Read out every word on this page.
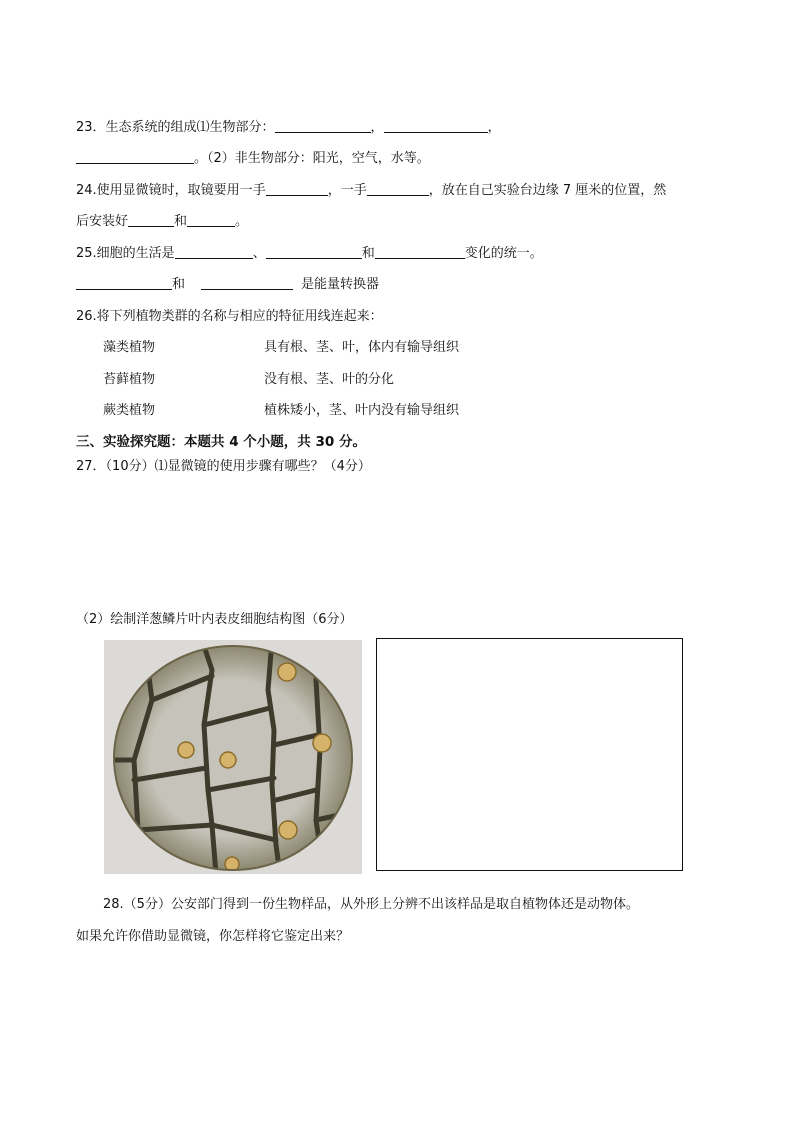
23．生态系统的组成⑴生物部分：	，	，
。（2）非生物部分：阳光，空气，水等。
24.使用显微镜时，取镜要用一手	，一手	，放在自己实验台边缘 7 厘米的位置，然
后安装好	和	。
25.细胞的生活是	、	和	变化的统一。
和	是能量转换器
26.将下列植物类群的名称与相应的特征用线连起来：
藻类植物	具有根、茎、叶，体内有输导组织
苔藓植物	没有根、茎、叶的分化
蕨类植物	植株矮小，茎、叶内没有输导组织
三、实验探究题：本题共 4 个小题，共 30 分。
27．（10分）⑴显微镜的使用步骤有哪些？（4分）
（2）绘制洋葱鳞片叶内表皮细胞结构图（6分）
28.（5分）公安部门得到一份生物样品，从外形上分辨不出该样品是取自植物体还是动物体。
如果允许你借助显微镜，你怎样将它鉴定出来？
